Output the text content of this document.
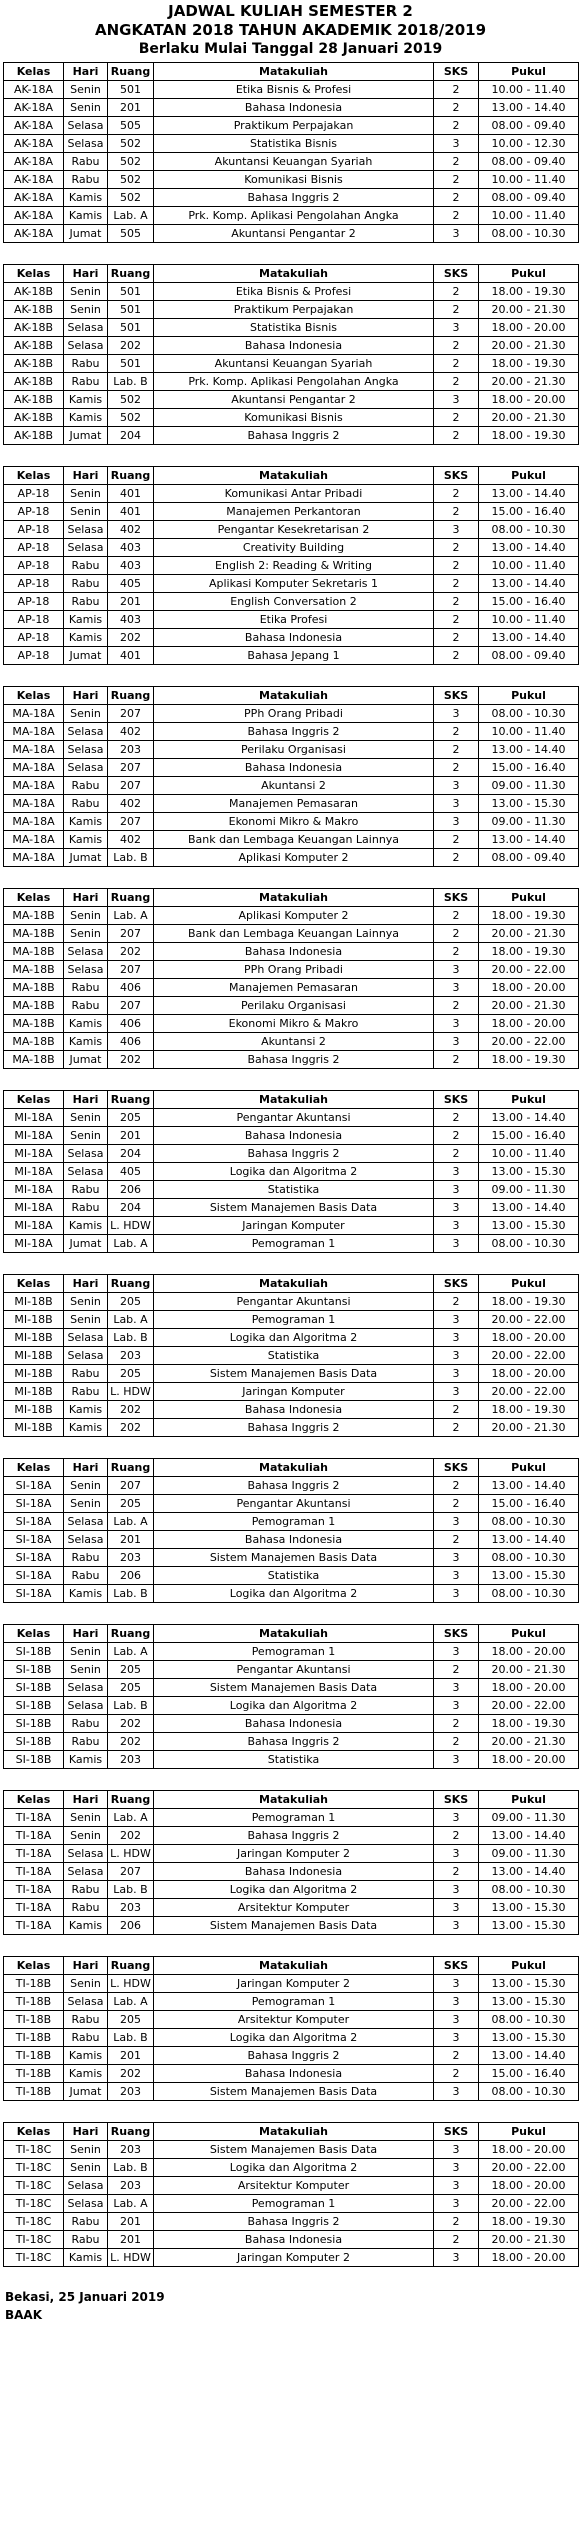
JADWAL KULIAH SEMESTER 2
ANGKATAN 2018 TAHUN AKADEMIK 2018/2019
Berlaku Mulai Tanggal 28 Januari 2019
Kelas	Hari	Ruang	Matakuliah	SKS	Pukul
AK-18A	Senin	501	Etika Bisnis & Profesi	2	10.00 - 11.40
AK-18A	Senin	201	Bahasa Indonesia	2	13.00 - 14.40
AK-18A	Selasa	505	Praktikum Perpajakan	2	08.00 - 09.40
AK-18A	Selasa	502	Statistika Bisnis	3	10.00 - 12.30
AK-18A	Rabu	502	Akuntansi Keuangan Syariah	2	08.00 - 09.40
AK-18A	Rabu	502	Komunikasi Bisnis	2	10.00 - 11.40
AK-18A	Kamis	502	Bahasa Inggris 2	2	08.00 - 09.40
AK-18A	Kamis	Lab. A	Prk. Komp. Aplikasi Pengolahan Angka	2	10.00 - 11.40
AK-18A	Jumat	505	Akuntansi Pengantar 2	3	08.00 - 10.30
Kelas	Hari	Ruang	Matakuliah	SKS	Pukul
AK-18B	Senin	501	Etika Bisnis & Profesi	2	18.00 - 19.30
AK-18B	Senin	501	Praktikum Perpajakan	2	20.00 - 21.30
AK-18B	Selasa	501	Statistika Bisnis	3	18.00 - 20.00
AK-18B	Selasa	202	Bahasa Indonesia	2	20.00 - 21.30
AK-18B	Rabu	501	Akuntansi Keuangan Syariah	2	18.00 - 19.30
AK-18B	Rabu	Lab. B	Prk. Komp. Aplikasi Pengolahan Angka	2	20.00 - 21.30
AK-18B	Kamis	502	Akuntansi Pengantar 2	3	18.00 - 20.00
AK-18B	Kamis	502	Komunikasi Bisnis	2	20.00 - 21.30
AK-18B	Jumat	204	Bahasa Inggris 2	2	18.00 - 19.30
Kelas	Hari	Ruang	Matakuliah	SKS	Pukul
AP-18	Senin	401	Komunikasi Antar Pribadi	2	13.00 - 14.40
AP-18	Senin	401	Manajemen Perkantoran	2	15.00 - 16.40
AP-18	Selasa	402	Pengantar Kesekretarisan 2	3	08.00 - 10.30
AP-18	Selasa	403	Creativity Building	2	13.00 - 14.40
AP-18	Rabu	403	English 2: Reading & Writing	2	10.00 - 11.40
AP-18	Rabu	405	Aplikasi Komputer Sekretaris 1	2	13.00 - 14.40
AP-18	Rabu	201	English Conversation 2	2	15.00 - 16.40
AP-18	Kamis	403	Etika Profesi	2	10.00 - 11.40
AP-18	Kamis	202	Bahasa Indonesia	2	13.00 - 14.40
AP-18	Jumat	401	Bahasa Jepang 1	2	08.00 - 09.40
Kelas	Hari	Ruang	Matakuliah	SKS	Pukul
MA-18A	Senin	207	PPh Orang Pribadi	3	08.00 - 10.30
MA-18A	Selasa	402	Bahasa Inggris 2	2	10.00 - 11.40
MA-18A	Selasa	203	Perilaku Organisasi	2	13.00 - 14.40
MA-18A	Selasa	207	Bahasa Indonesia	2	15.00 - 16.40
MA-18A	Rabu	207	Akuntansi 2	3	09.00 - 11.30
MA-18A	Rabu	402	Manajemen Pemasaran	3	13.00 - 15.30
MA-18A	Kamis	207	Ekonomi Mikro & Makro	3	09.00 - 11.30
MA-18A	Kamis	402	Bank dan Lembaga Keuangan Lainnya	2	13.00 - 14.40
MA-18A	Jumat	Lab. B	Aplikasi Komputer 2	2	08.00 - 09.40
Kelas	Hari	Ruang	Matakuliah	SKS	Pukul
MA-18B	Senin	Lab. A	Aplikasi Komputer 2	2	18.00 - 19.30
MA-18B	Senin	207	Bank dan Lembaga Keuangan Lainnya	2	20.00 - 21.30
MA-18B	Selasa	202	Bahasa Indonesia	2	18.00 - 19.30
MA-18B	Selasa	207	PPh Orang Pribadi	3	20.00 - 22.00
MA-18B	Rabu	406	Manajemen Pemasaran	3	18.00 - 20.00
MA-18B	Rabu	207	Perilaku Organisasi	2	20.00 - 21.30
MA-18B	Kamis	406	Ekonomi Mikro & Makro	3	18.00 - 20.00
MA-18B	Kamis	406	Akuntansi 2	3	20.00 - 22.00
MA-18B	Jumat	202	Bahasa Inggris 2	2	18.00 - 19.30
Kelas	Hari	Ruang	Matakuliah	SKS	Pukul
MI-18A	Senin	205	Pengantar Akuntansi	2	13.00 - 14.40
MI-18A	Senin	201	Bahasa Indonesia	2	15.00 - 16.40
MI-18A	Selasa	204	Bahasa Inggris 2	2	10.00 - 11.40
MI-18A	Selasa	405	Logika dan Algoritma 2	3	13.00 - 15.30
MI-18A	Rabu	206	Statistika	3	09.00 - 11.30
MI-18A	Rabu	204	Sistem Manajemen Basis Data	3	13.00 - 14.40
MI-18A	Kamis	L. HDW	Jaringan Komputer	3	13.00 - 15.30
MI-18A	Jumat	Lab. A	Pemograman 1	3	08.00 - 10.30
Kelas	Hari	Ruang	Matakuliah	SKS	Pukul
MI-18B	Senin	205	Pengantar Akuntansi	2	18.00 - 19.30
MI-18B	Senin	Lab. A	Pemograman 1	3	20.00 - 22.00
MI-18B	Selasa	Lab. B	Logika dan Algoritma 2	3	18.00 - 20.00
MI-18B	Selasa	203	Statistika	3	20.00 - 22.00
MI-18B	Rabu	205	Sistem Manajemen Basis Data	3	18.00 - 20.00
MI-18B	Rabu	L. HDW	Jaringan Komputer	3	20.00 - 22.00
MI-18B	Kamis	202	Bahasa Indonesia	2	18.00 - 19.30
MI-18B	Kamis	202	Bahasa Inggris 2	2	20.00 - 21.30
Kelas	Hari	Ruang	Matakuliah	SKS	Pukul
SI-18A	Senin	207	Bahasa Inggris 2	2	13.00 - 14.40
SI-18A	Senin	205	Pengantar Akuntansi	2	15.00 - 16.40
SI-18A	Selasa	Lab. A	Pemograman 1	3	08.00 - 10.30
SI-18A	Selasa	201	Bahasa Indonesia	2	13.00 - 14.40
SI-18A	Rabu	203	Sistem Manajemen Basis Data	3	08.00 - 10.30
SI-18A	Rabu	206	Statistika	3	13.00 - 15.30
SI-18A	Kamis	Lab. B	Logika dan Algoritma 2	3	08.00 - 10.30
Kelas	Hari	Ruang	Matakuliah	SKS	Pukul
SI-18B	Senin	Lab. A	Pemograman 1	3	18.00 - 20.00
SI-18B	Senin	205	Pengantar Akuntansi	2	20.00 - 21.30
SI-18B	Selasa	205	Sistem Manajemen Basis Data	3	18.00 - 20.00
SI-18B	Selasa	Lab. B	Logika dan Algoritma 2	3	20.00 - 22.00
SI-18B	Rabu	202	Bahasa Indonesia	2	18.00 - 19.30
SI-18B	Rabu	202	Bahasa Inggris 2	2	20.00 - 21.30
SI-18B	Kamis	203	Statistika	3	18.00 - 20.00
Kelas	Hari	Ruang	Matakuliah	SKS	Pukul
TI-18A	Senin	Lab. A	Pemograman 1	3	09.00 - 11.30
TI-18A	Senin	202	Bahasa Inggris 2	2	13.00 - 14.40
TI-18A	Selasa	L. HDW	Jaringan Komputer 2	3	09.00 - 11.30
TI-18A	Selasa	207	Bahasa Indonesia	2	13.00 - 14.40
TI-18A	Rabu	Lab. B	Logika dan Algoritma 2	3	08.00 - 10.30
TI-18A	Rabu	203	Arsitektur Komputer	3	13.00 - 15.30
TI-18A	Kamis	206	Sistem Manajemen Basis Data	3	13.00 - 15.30
Kelas	Hari	Ruang	Matakuliah	SKS	Pukul
TI-18B	Senin	L. HDW	Jaringan Komputer 2	3	13.00 - 15.30
TI-18B	Selasa	Lab. A	Pemograman 1	3	13.00 - 15.30
TI-18B	Rabu	205	Arsitektur Komputer	3	08.00 - 10.30
TI-18B	Rabu	Lab. B	Logika dan Algoritma 2	3	13.00 - 15.30
TI-18B	Kamis	201	Bahasa Inggris 2	2	13.00 - 14.40
TI-18B	Kamis	202	Bahasa Indonesia	2	15.00 - 16.40
TI-18B	Jumat	203	Sistem Manajemen Basis Data	3	08.00 - 10.30
Kelas	Hari	Ruang	Matakuliah	SKS	Pukul
TI-18C	Senin	203	Sistem Manajemen Basis Data	3	18.00 - 20.00
TI-18C	Senin	Lab. B	Logika dan Algoritma 2	3	20.00 - 22.00
TI-18C	Selasa	203	Arsitektur Komputer	3	18.00 - 20.00
TI-18C	Selasa	Lab. A	Pemograman 1	3	20.00 - 22.00
TI-18C	Rabu	201	Bahasa Inggris 2	2	18.00 - 19.30
TI-18C	Rabu	201	Bahasa Indonesia	2	20.00 - 21.30
TI-18C	Kamis	L. HDW	Jaringan Komputer 2	3	18.00 - 20.00
Bekasi, 25 Januari 2019
BAAK
